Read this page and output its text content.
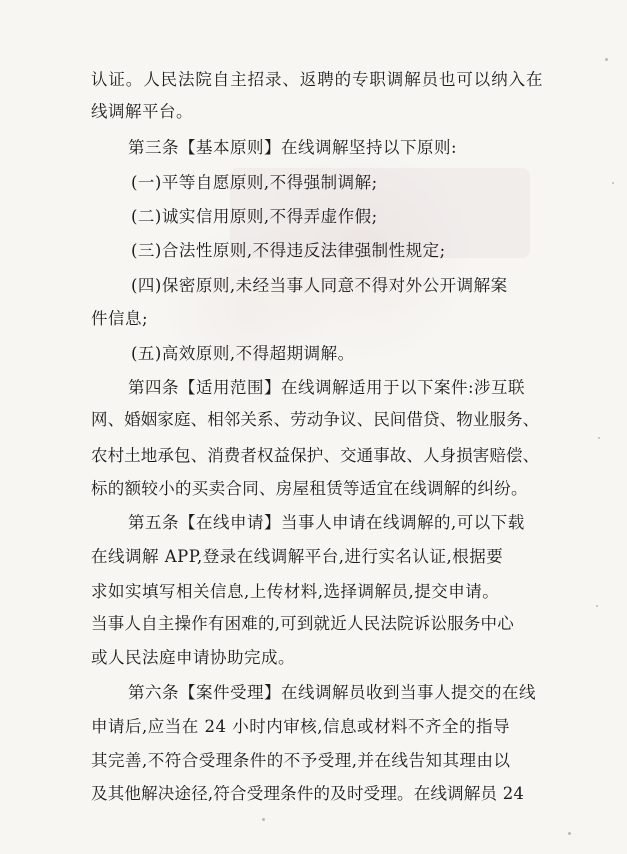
认证。人民法院自主招录、返聘的专职调解员也可以纳入在
线调解平台。
第三条【基本原则】在线调解坚持以下原则:
(一)平等自愿原则,不得强制调解;
(二)诚实信用原则,不得弄虚作假;
(三)合法性原则,不得违反法律强制性规定;
(四)保密原则,未经当事人同意不得对外公开调解案
件信息;
(五)高效原则,不得超期调解。
第四条【适用范围】在线调解适用于以下案件:涉互联
网、婚姻家庭、相邻关系、劳动争议、民间借贷、物业服务、
农村土地承包、消费者权益保护、交通事故、人身损害赔偿、
标的额较小的买卖合同、房屋租赁等适宜在线调解的纠纷。
第五条【在线申请】当事人申请在线调解的,可以下载
在线调解 APP,登录在线调解平台,进行实名认证,根据要
求如实填写相关信息,上传材料,选择调解员,提交申请。
当事人自主操作有困难的,可到就近人民法院诉讼服务中心
或人民法庭申请协助完成。
第六条【案件受理】在线调解员收到当事人提交的在线
申请后,应当在 24 小时内审核,信息或材料不齐全的指导
其完善,不符合受理条件的不予受理,并在线告知其理由以
及其他解决途径,符合受理条件的及时受理。在线调解员 24
